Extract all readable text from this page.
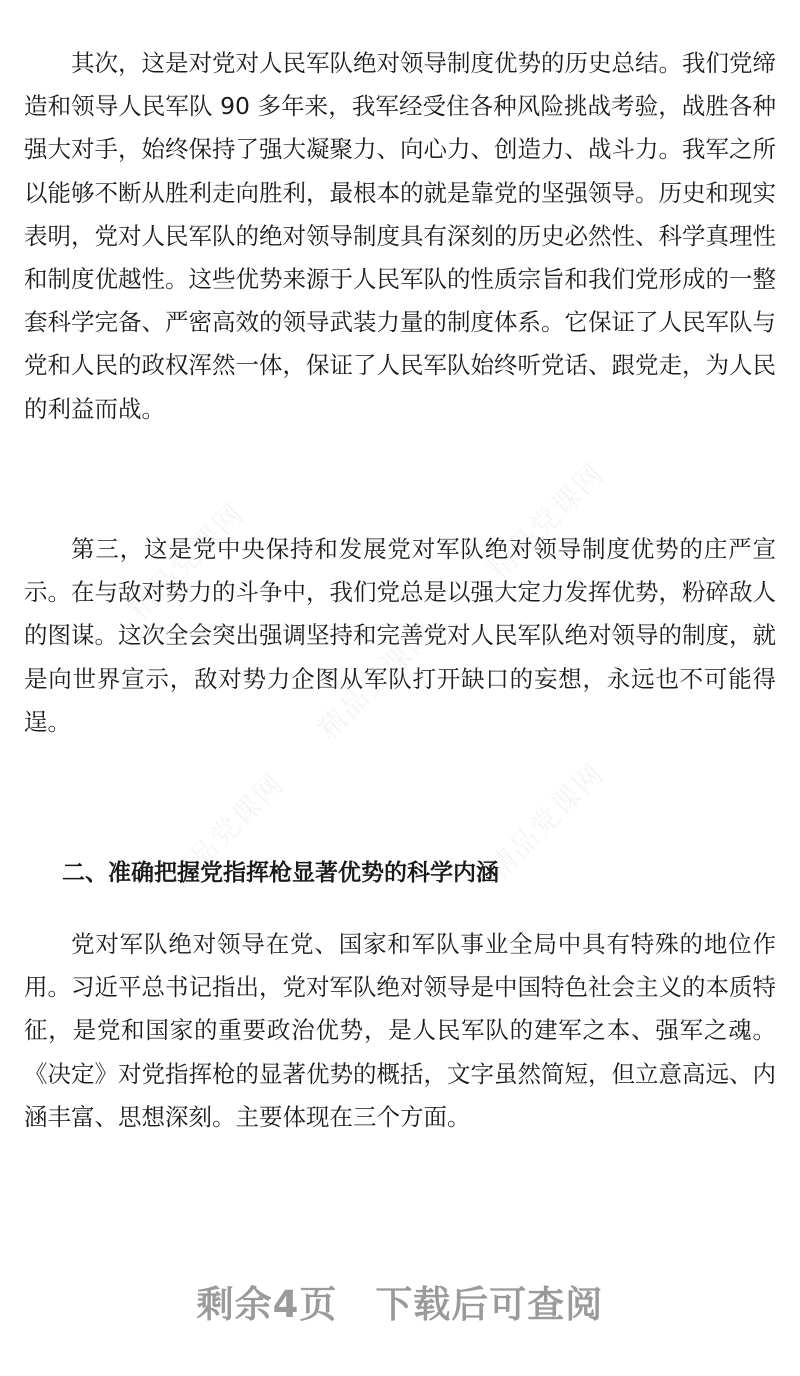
精品党课网	精品党课网
精品党课网
精品党课网	精品党课网

其次，这是对党对人民军队绝对领导制度优势的历史总结。我们党缔造和领导人民军队 90 多年来，我军经受住各种风险挑战考验，战胜各种强大对手，始终保持了强大凝聚力、向心力、创造力、战斗力。我军之所以能够不断从胜利走向胜利，最根本的就是靠党的坚强领导。历史和现实表明，党对人民军队的绝对领导制度具有深刻的历史必然性、科学真理性和制度优越性。这些优势来源于人民军队的性质宗旨和我们党形成的一整套科学完备、严密高效的领导武装力量的制度体系。它保证了人民军队与党和人民的政权浑然一体，保证了人民军队始终听党话、跟党走，为人民的利益而战。

第三，这是党中央保持和发展党对军队绝对领导制度优势的庄严宣示。在与敌对势力的斗争中，我们党总是以强大定力发挥优势，粉碎敌人的图谋。这次全会突出强调坚持和完善党对人民军队绝对领导的制度，就是向世界宣示，敌对势力企图从军队打开缺口的妄想，永远也不可能得逞。

二、准确把握党指挥枪显著优势的科学内涵

党对军队绝对领导在党、国家和军队事业全局中具有特殊的地位作用。习近平总书记指出，党对军队绝对领导是中国特色社会主义的本质特征，是党和国家的重要政治优势，是人民军队的建军之本、强军之魂。《决定》对党指挥枪的显著优势的概括，文字虽然简短，但立意高远、内涵丰富、思想深刻。主要体现在三个方面。

剩余4页 下载后可查阅
